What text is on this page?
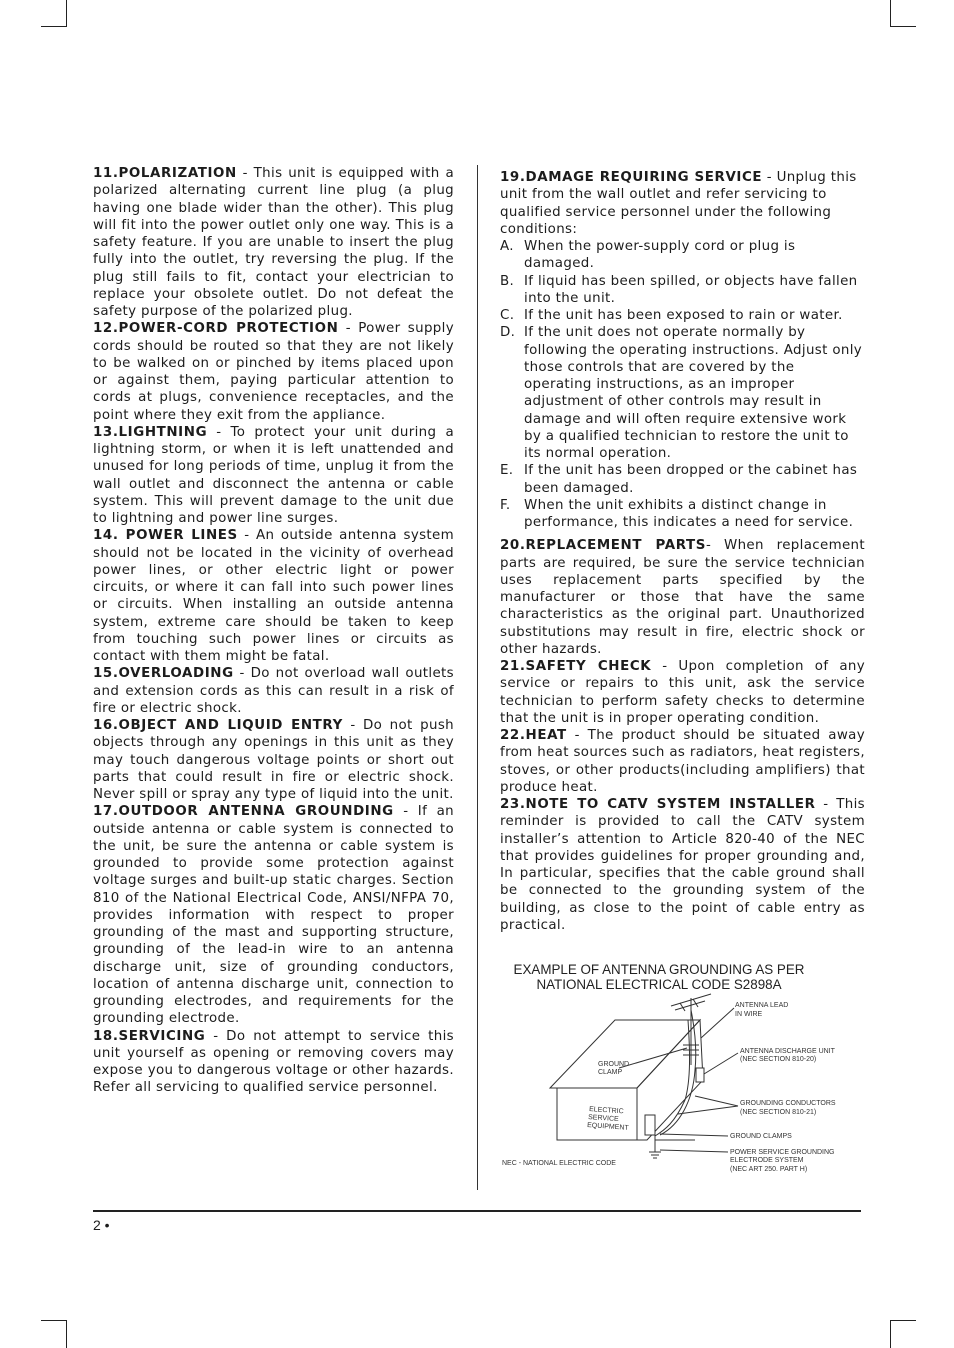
11.POLARIZATION - This unit is equipped with a polarized alternating current line plug (a plug having one blade wider than the other). This plug will fit into the power outlet only one way. This is a safety feature. If you are unable to insert the plug fully into the outlet, try reversing the plug. If the plug still fails to fit, contact your electrician to replace your obsolete outlet. Do not defeat the safety purpose of the polarized plug.

12.POWER-CORD PROTECTION - Power supply cords should be routed so that they are not likely to be walked on or pinched by items placed upon or against them, paying particular attention to cords at plugs, convenience receptacles, and the point where they exit from the appliance.

13.LIGHTNING - To protect your unit during a lightning storm, or when it is left unattended and unused for long periods of time, unplug it from the wall outlet and disconnect the antenna or cable system. This will prevent damage to the unit due to lightning and power line surges.

14. POWER LINES - An outside antenna system should not be located in the vicinity of overhead power lines, or other electric light or power circuits, or where it can fall into such power lines or circuits. When installing an outside antenna system, extreme care should be taken to keep from touching such power lines or circuits as contact with them might be fatal.

15.OVERLOADING - Do not overload wall outlets and extension cords as this can result in a risk of fire or electric shock.

16.OBJECT AND LIQUID ENTRY - Do not push objects through any openings in this unit as they may touch dangerous voltage points or short out parts that could result in fire or electric shock. Never spill or spray any type of liquid into the unit.

17.OUTDOOR ANTENNA GROUNDING - If an outside antenna or cable system is connected to the unit, be sure the antenna or cable system is grounded to provide some protection against voltage surges and built-up static charges. Section 810 of the National Electrical Code, ANSI/NFPA 70, provides information with respect to proper grounding of the mast and supporting structure, grounding of the lead-in wire to an antenna discharge unit, size of grounding conductors, location of antenna discharge unit, connection to grounding electrodes, and requirements for the grounding electrode.

18.SERVICING - Do not attempt to service this unit yourself as opening or removing covers may expose you to dangerous voltage or other hazards. Refer all servicing to qualified service personnel.

19.DAMAGE REQUIRING SERVICE - Unplug this unit from the wall outlet and refer servicing to qualified service personnel under the following conditions:

A. When the power-supply cord or plug is damaged.
B. If liquid has been spilled, or objects have fallen into the unit.
C. If the unit has been exposed to rain or water.
D. If the unit does not operate normally by following the operating instructions. Adjust only those controls that are covered by the operating instructions, as an improper adjustment of other controls may result in damage and will often require extensive work by a qualified technician to restore the unit to its normal operation.
E. If the unit has been dropped or the cabinet has been damaged.
F.	When the unit exhibits a distinct change in performance, this indicates a need for service.

20.REPLACEMENT PARTS- When replacement parts are required, be sure the service technician uses replacement parts specified by the manufacturer or those that have the same characteristics as the original part. Unauthorized substitutions may result in fire, electric shock or other hazards.

21.SAFETY CHECK - Upon completion of any service or repairs to this unit, ask the service technician to perform safety checks to determine that the unit is in proper operating condition.

22.HEAT - The product should be situated away from heat sources such as radiators, heat registers, stoves, or other products(including amplifiers) that produce heat.

23.NOTE TO CATV SYSTEM INSTALLER - This reminder is provided to call the CATV system installer’s attention to Article 820-40 of the NEC that provides guidelines for proper grounding and, In particular, specifies that the cable ground shall be connected to the grounding system of the building, as close to the point of cable entry as practical.

EXAMPLE OF ANTENNA GROUNDING AS PER
NATIONAL ELECTRICAL CODE S2898A
ANTENNA LEAD
IN WIRE
ANTENNA DISCHARGE UNIT
(NEC SECTION 810-20)
GROUND
CLAMP
GROUNDING CONDUCTORS
(NEC SECTION 810-21)
ELECTRIC
SERVICE
EQUIPMENT
GROUND CLAMPS
POWER SERVICE GROUNDING
ELECTRODE SYSTEM
(NEC ART 250. PART H)
NEC - NATIONAL ELECTRIC CODE
2 •
